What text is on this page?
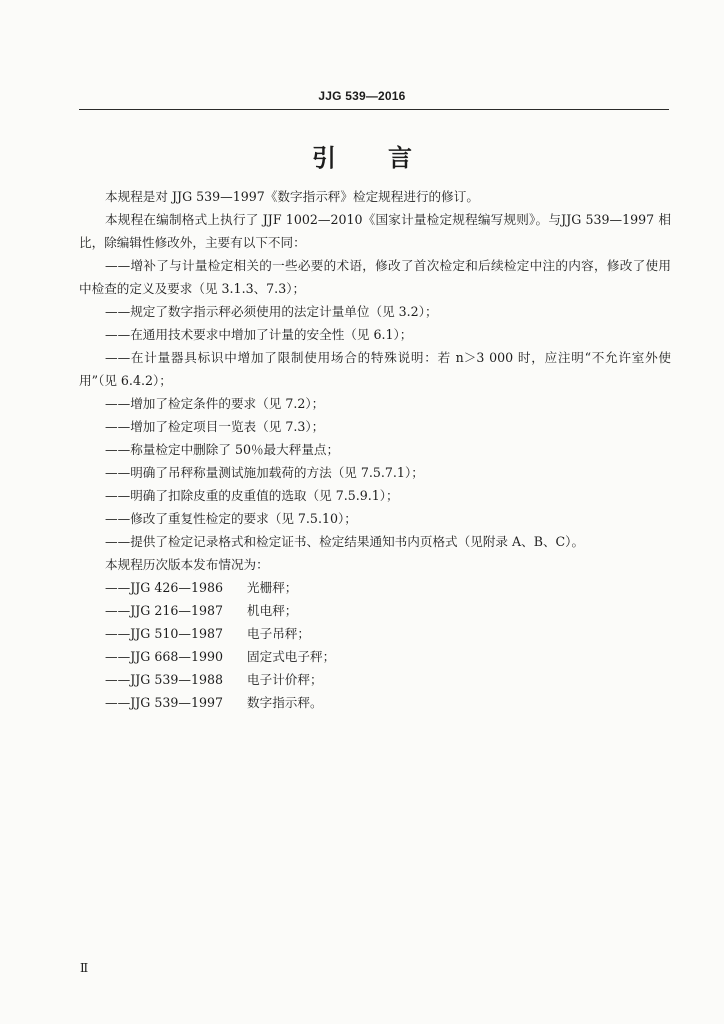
JJG 539—2016
引言

本规程是对 JJG 539—1997《数字指示秤》检定规程进行的修订。

本规程在编制格式上执行了 JJF 1002—2010《国家计量检定规程编写规则》。与JJG 539—1997 相比，除编辑性修改外，主要有以下不同：

——增补了与计量检定相关的一些必要的术语，修改了首次检定和后续检定中注的内容，修改了使用中检查的定义及要求（见 3.1.3、7.3）；

——规定了数字指示秤必须使用的法定计量单位（见 3.2）；

——在通用技术要求中增加了计量的安全性（见 6.1）；

——在计量器具标识中增加了限制使用场合的特殊说明：若 n＞3 000 时，应注明“不允许室外使用”（见 6.4.2）；

——增加了检定条件的要求（见 7.2）；

——增加了检定项目一览表（见 7.3）；

——称量检定中删除了 50％最大秤量点；

——明确了吊秤称量测试施加载荷的方法（见 7.5.7.1）；

——明确了扣除皮重的皮重值的选取（见 7.5.9.1）；

——修改了重复性检定的要求（见 7.5.10）；

——提供了检定记录格式和检定证书、检定结果通知书内页格式（见附录 A、B、C）。

本规程历次版本发布情况为：

——JJG 426—1986 光栅秤；

——JJG 216—1987 机电秤；

——JJG 510—1987 电子吊秤；

——JJG 668—1990 固定式电子秤；

——JJG 539—1988 电子计价秤；

——JJG 539—1997 数字指示秤。

Ⅱ
